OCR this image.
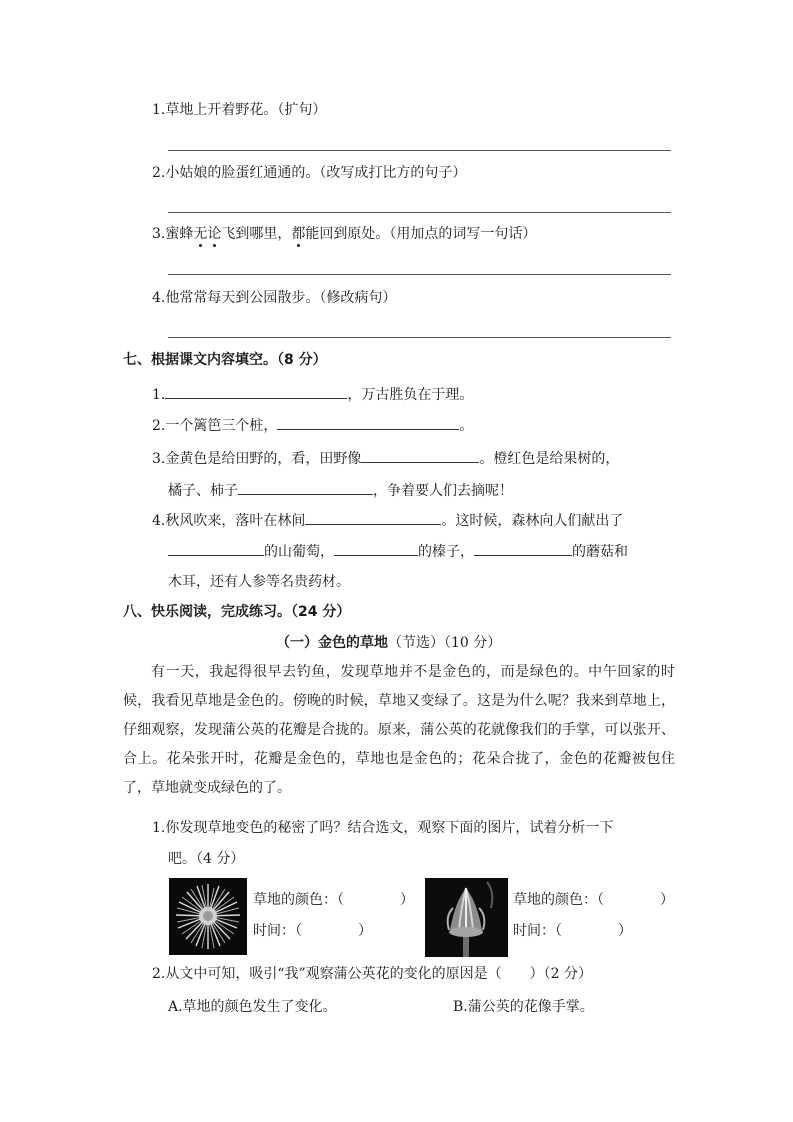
1.草地上开着野花。（扩句）
2.小姑娘的脸蛋红通通的。（改写成打比方的句子）
3.蜜蜂无论飞到哪里，都能回到原处。（用加点的词写一句话）
4.他常常每天到公园散步。（修改病句）
七、根据课文内容填空。（8 分）
1.	，万古胜负在于理。
2.一个篱笆三个桩，	。
3.金黄色是给田野的，看，田野像	。橙红色是给果树的，
橘子、柿子	，争着要人们去摘呢！
4.秋风吹来，落叶在林间	。这时候，森林向人们献出了
的山葡萄，	的榛子，	的蘑菇和
木耳，还有人参等名贵药材。
八、快乐阅读，完成练习。（24 分）
（一）金色的草地（节选）（10 分）
有一天，我起得很早去钓鱼，发现草地并不是金色的，而是绿色的。中午回家的时候，我看见草地是金色的。傍晚的时候，草地又变绿了。这是为什么呢？我来到草地上，仔细观察，发现蒲公英的花瓣是合拢的。原来，蒲公英的花就像我们的手掌，可以张开、合上。花朵张开时，花瓣是金色的，草地也是金色的；花朵合拢了，金色的花瓣被包住了，草地就变成绿色的了。
1.你发现草地变色的秘密了吗？结合选文，观察下面的图片，试着分析一下
吧。（4 分）
草地的颜色：（　　　　）
时间：（　　　　）
草地的颜色：（　　　　）
时间：（　　　　）
2.从文中可知，吸引“我”观察蒲公英花的变化的原因是（　　）（2 分）
A.草地的颜色发生了变化。	B.蒲公英的花像手掌。
